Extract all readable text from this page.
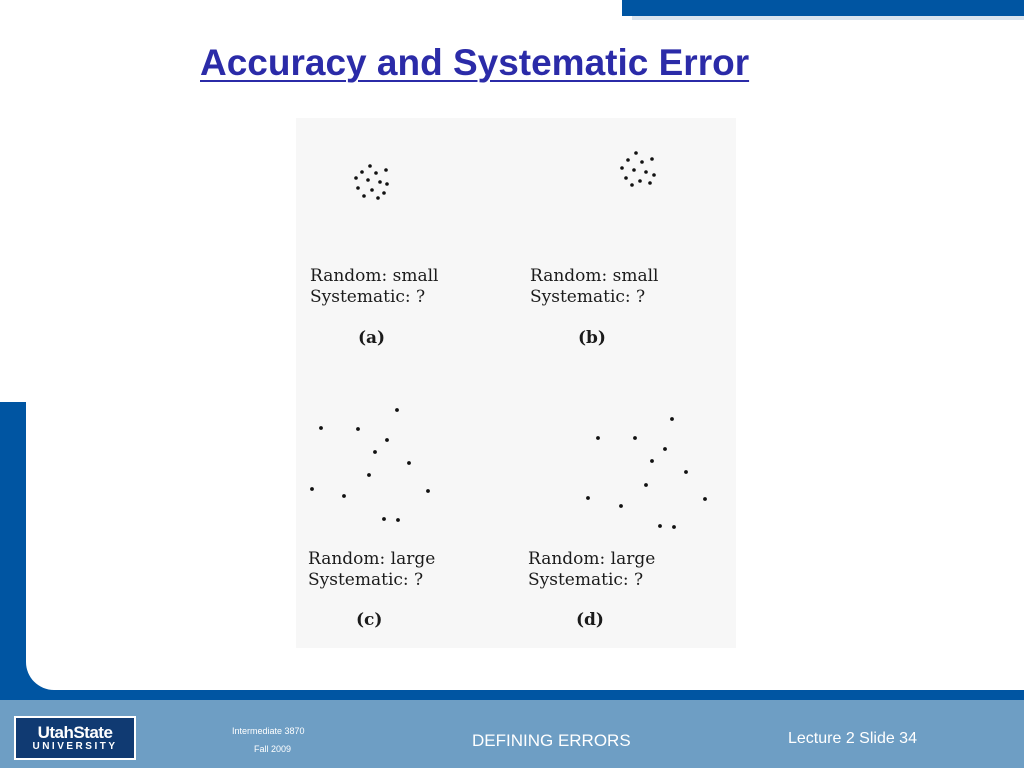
Accuracy and Systematic Error
Random: small
Systematic: ?
(a)
Random: small
Systematic: ?
(b)
Random: large
Systematic: ?
(c)
Random: large
Systematic: ?
(d)
UtahState
UNIVERSITY
Intermediate 3870
Fall 2009	DEFINING ERRORS	Lecture 2 Slide 34
